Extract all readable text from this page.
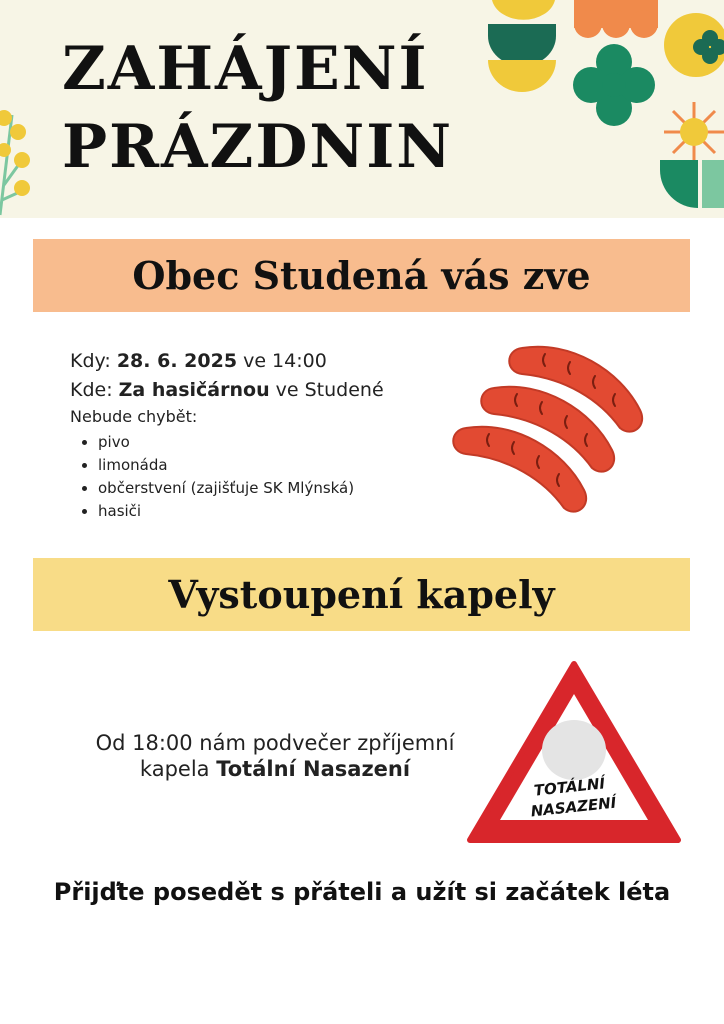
ZAHÁJENÍ
PRÁZDNIN
Obec Studená vás zve
Kdy: 28. 6. 2025 ve 14:00
Kde: Za hasičárnou ve Studené
Nebude chybět:
• pivo
• limonáda
• občerstvení (zajišťuje SK Mlýnská)
• hasiči
Vystoupení kapely
Od 18:00 nám podvečer zpříjemní
kapela Totální Nasazení
TOTÁLNÍ
NASAZENÍ
Přijďte posedět s přáteli a užít si začátek léta
